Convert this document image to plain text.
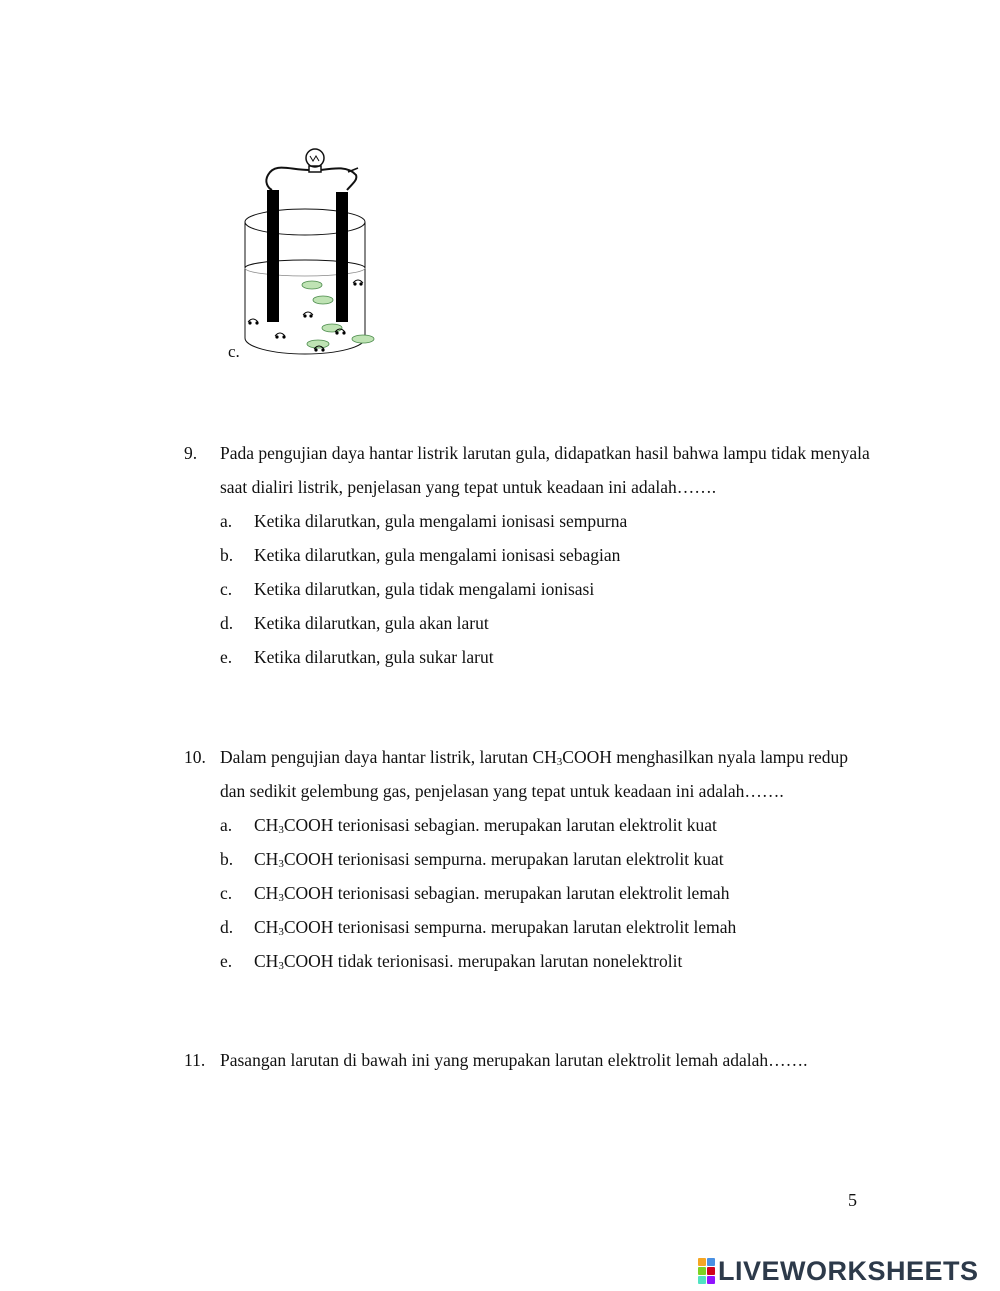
c.
9. Pada pengujian daya hantar listrik larutan gula, didapatkan hasil bahwa lampu tidak menyala saat dialiri listrik, penjelasan yang tepat untuk keadaan ini adalah…….
a. Ketika dilarutkan, gula mengalami ionisasi sempurna
b. Ketika dilarutkan, gula mengalami ionisasi sebagian
c. Ketika dilarutkan, gula tidak mengalami ionisasi
d. Ketika dilarutkan, gula akan larut
e. Ketika dilarutkan, gula sukar larut
10. Dalam pengujian daya hantar listrik, larutan $CH_3COOH$ menghasilkan nyala lampu redup dan sedikit gelembung gas, penjelasan yang tepat untuk keadaan ini adalah…….
a. $CH_3COOH$ terionisasi sebagian. merupakan larutan elektrolit kuat
b. $CH_3COOH$ terionisasi sempurna. merupakan larutan elektrolit kuat
c. $CH_3COOH$ terionisasi sebagian. merupakan larutan elektrolit lemah
d. $CH_3COOH$ terionisasi sempurna. merupakan larutan elektrolit lemah
e. $CH_3COOH$ tidak terionisasi. merupakan larutan nonelektrolit
11. Pasangan larutan di bawah ini yang merupakan larutan elektrolit lemah adalah…….
5
LIVEWORKSHEETS
